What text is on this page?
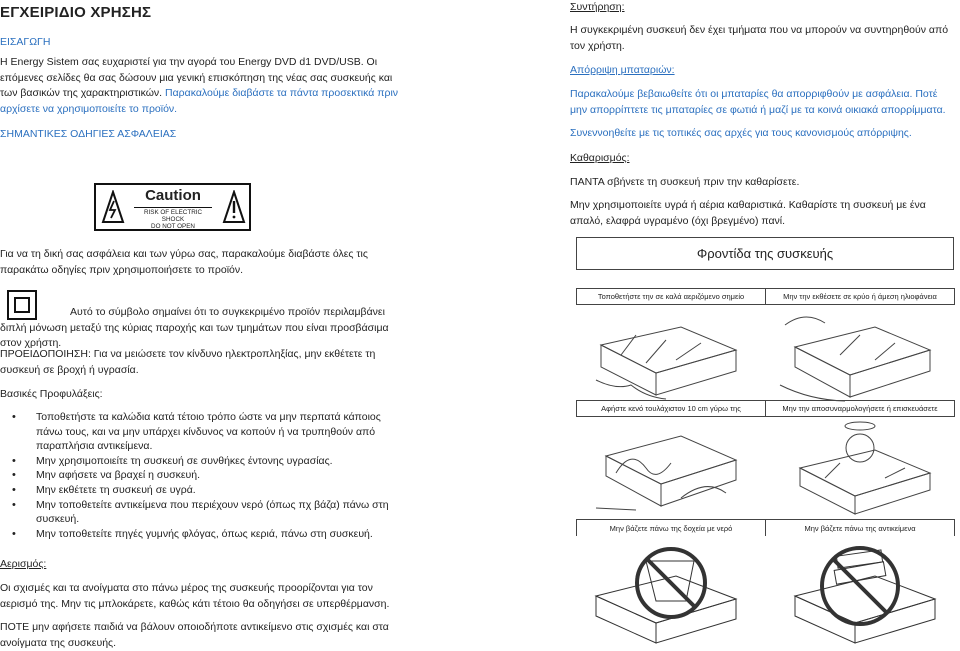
ΕΓΧΕΙΡΙΔΙΟ ΧΡΗΣΗΣ
ΕΙΣΑΓΩΓΗ

Η Energy Sistem σας ευχαριστεί για την αγορά του Energy DVD d1 DVD/USB. Οι επόμενες σελίδες θα σας δώσουν μια γενική επισκόπηση της νέας σας συσκευής και των βασικών της χαρακτηριστικών. Παρακαλούμε διαβάστε τα πάντα προσεκτικά πριν αρχίσετε να χρησιμοποιείτε το προϊόν.

ΣΗΜΑΝΤΙΚΕΣ ΟΔΗΓΙΕΣ ΑΣΦΑΛΕΙΑΣ
Caution
RISK OF ELECTRIC SHOCK
DO NOT OPEN

Για να τη δική σας ασφάλεια και των γύρω σας, παρακαλούμε διαβάστε όλες τις παρακάτω οδηγίες πριν χρησιμοποιήσετε το προϊόν.

Αυτό το σύμβολο σημαίνει ότι το συγκεκριμένο προϊόν περιλαμβάνει διπλή μόνωση μεταξύ της κύριας παροχής και των τμημάτων που είναι προσβάσιμα στον χρήστη.

ΠΡΟΕΙΔΟΠΟΙΗΣΗ: Για να μειώσετε τον κίνδυνο ηλεκτροπληξίας, μην εκθέτετε τη συσκευή σε βροχή ή υγρασία.

Βασικές Προφυλάξεις:
• Τοποθετήστε τα καλώδια κατά τέτοιο τρόπο ώστε να μην περπατά κάποιος πάνω τους, και να μην υπάρχει κίνδυνος να κοπούν ή να τρυπηθούν από παραπλήσια αντικείμενα.
• Μην χρησιμοποιείτε τη συσκευή σε συνθήκες έντονης υγρασίας.
• Μην αφήσετε να βραχεί η συσκευή.
• Μην εκθέτετε τη συσκευή σε υγρά.
• Μην τοποθετείτε αντικείμενα που περιέχουν νερό (όπως πχ βάζα) πάνω στη συσκευή.
• Μην τοποθετείτε πηγές γυμνής φλόγας, όπως κεριά, πάνω στη συσκευή.
Αερισμός:

Οι σχισμές και τα ανοίγματα στο πάνω μέρος της συσκευής προορίζονται για τον αερισμό της. Μην τις μπλοκάρετε, καθώς κάτι τέτοιο θα οδηγήσει σε υπερθέρμανση.

ΠΟΤΕ μην αφήσετε παιδιά να βάλουν οποιοδήποτε αντικείμενο στις σχισμές και στα ανοίγματα της συσκευής.

Συντήρηση:

Η συγκεκριμένη συσκευή δεν έχει τμήματα που να μπορούν να συντηρηθούν από τον χρήστη.

Απόρριψη μπαταριών:

Παρακαλούμε βεβαιωθείτε ότι οι μπαταρίες θα απορριφθούν με ασφάλεια. Ποτέ μην απορρίπτετε τις μπαταρίες σε φωτιά ή μαζί με τα κοινά οικιακά απορρίμματα.

Συνεννοηθείτε με τις τοπικές σας αρχές για τους κανονισμούς απόρριψης.

Καθαρισμός:

ΠΑΝΤΑ σβήνετε τη συσκευή πριν την καθαρίσετε.

Μην χρησιμοποιείτε υγρά ή αέρια καθαριστικά. Καθαρίστε τη συσκευή με ένα απαλό, ελαφρά υγραμένο (όχι βρεγμένο) πανί.

Φροντίδα της συσκευής
Τοποθετήστε την σε καλά αεριζόμενο σημείο	Μην την εκθέσετε σε κρύο ή άμεση ηλιοφάνεια
Αφήστε κενό τουλάχιστον 10 cm γύρω της	Μην την αποσυναρμολογήσετε ή επισκευάσετε
Μην βάζετε πάνω της δοχεία με νερό	Μην βάζετε πάνω της αντικείμενα
